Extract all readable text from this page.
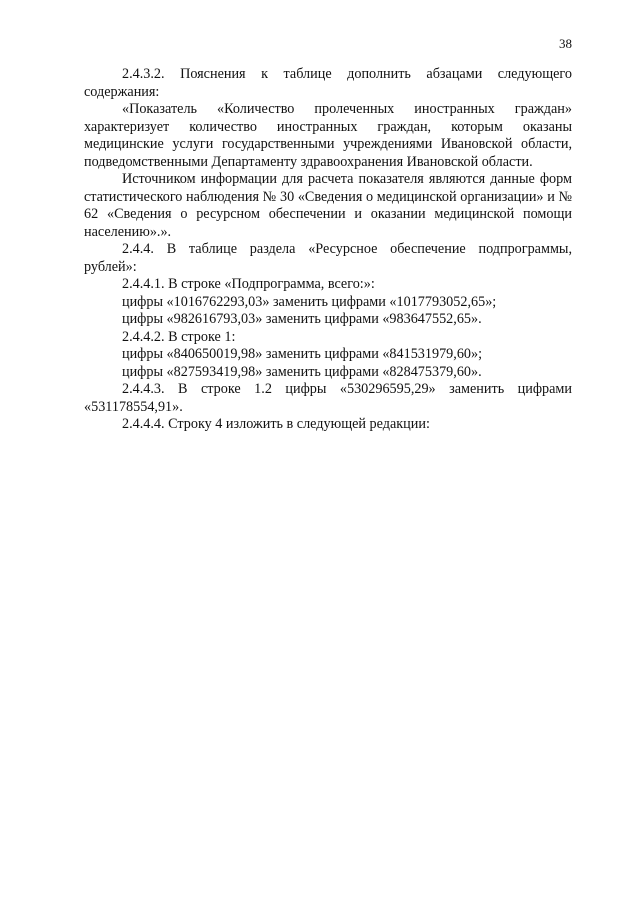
38

2.4.3.2. Пояснения к таблице дополнить абзацами следующего содержания:

«Показатель «Количество пролеченных иностранных граждан» характеризует количество иностранных граждан, которым оказаны медицинские услуги государственными учреждениями Ивановской области, подведомственными Департаменту здравоохранения Ивановской области.

Источником информации для расчета показателя являются данные форм статистического наблюдения № 30 «Сведения о медицинской организации» и № 62 «Сведения о ресурсном обеспечении и оказании медицинской помощи населению».».

2.4.4. В таблице раздела «Ресурсное обеспечение подпрограммы, рублей»:

2.4.4.1. В строке «Подпрограмма, всего:»:

цифры «1016762293,03» заменить цифрами «1017793052,65»;

цифры «982616793,03» заменить цифрами «983647552,65».

2.4.4.2. В строке 1:

цифры «840650019,98» заменить цифрами «841531979,60»;

цифры «827593419,98» заменить цифрами «828475379,60».

2.4.4.3. В строке 1.2 цифры «530296595,29» заменить цифрами «531178554,91».

2.4.4.4. Строку 4 изложить в следующей редакции:
